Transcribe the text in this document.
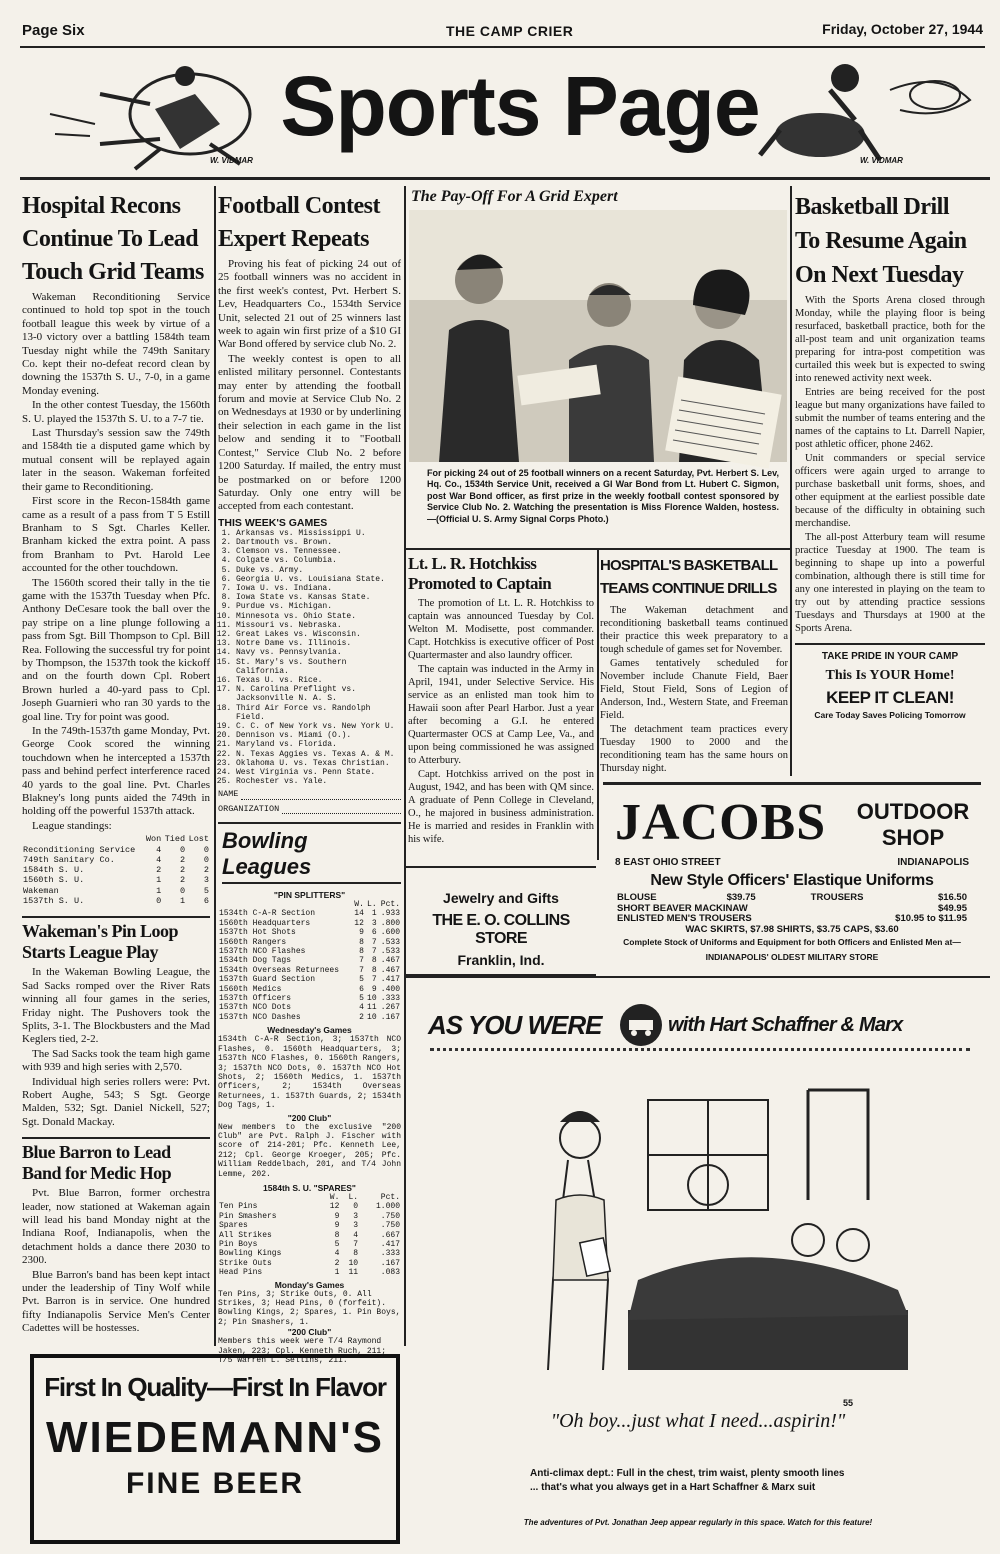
Page Six	THE CAMP CRIER	Friday, October 27, 1944
W. VIDMAR
Sports Page
W. VIDMAR
Hospital Recons
Continue To Lead
Touch Grid Teams

Wakeman Reconditioning Service continued to hold top spot in the touch football league this week by virtue of a 13-0 victory over a battling 1584th team Tuesday night while the 749th Sanitary Co. kept their no-defeat record clean by downing the 1537th S. U., 7-0, in a game Monday evening.

In the other contest Tuesday, the 1560th S. U. played the 1537th S. U. to a 7-7 tie.

Last Thursday's session saw the 749th and 1584th tie a disputed game which by mutual consent will be replayed again later in the season. Wakeman forfeited their game to Reconditioning.

First score in the Recon-1584th game came as a result of a pass from T 5 Estill Branham to S Sgt. Charles Keller. Branham kicked the extra point. A pass from Branham to Pvt. Harold Lee accounted for the other touchdown.

The 1560th scored their tally in the tie game with the 1537th Tuesday when Pfc. Anthony DeCesare took the ball over the pay stripe on a line plunge following a pass from Sgt. Bill Thompson to Cpl. Bill Rea. Following the successful try for point by Thompson, the 1537th took the kickoff and on the fourth down Cpl. Robert Brown hurled a 40-yard pass to Cpl. Joseph Guarnieri who ran 30 yards to the goal line. Try for point was good.

In the 749th-1537th game Monday, Pvt. George Cook scored the winning touchdown when he intercepted a 1537th pass and behind perfect interference raced 40 yards to the goal line. Pvt. Charles Blakney's long punts aided the 749th in holding off the powerful 1537th attack.

League standings:

	Won	Tied	Lost
Reconditioning Service	4	0	0
749th Sanitary Co.	4	2	0
1584th S. U.	2	2	2
1560th S. U.	1	2	3
Wakeman	1	0	5
1537th S. U.	0	1	6
Wakeman's Pin Loop
Starts League Play

In the Wakeman Bowling League, the Sad Sacks romped over the River Rats winning all four games in the series, Friday night. The Pushovers took the Splits, 3-1. The Blockbusters and the Mad Keglers tied, 2-2.

The Sad Sacks took the team high game with 939 and high series with 2,570.

Individual high series rollers were: Pvt. Robert Aughe, 543; S Sgt. George Malden, 532; Sgt. Daniel Nickell, 527; Sgt. Donald Mackay.

Blue Barron to Lead
Band for Medic Hop

Pvt. Blue Barron, former orchestra leader, now stationed at Wakeman again will lead his band Monday night at the Indiana Roof, Indianapolis, when the detachment holds a dance there 2030 to 2300.

Blue Barron's band has been kept intact under the leadership of Tiny Wolf while Pvt. Barron is in service. One hundred fifty Indianapolis Service Men's Center Cadettes will be hostesses.

Football Contest
Expert Repeats

Proving his feat of picking 24 out of 25 football winners was no accident in the first week's contest, Pvt. Herbert S. Lev, Headquarters Co., 1534th Service Unit, selected 21 out of 25 winners last week to again win first prize of a $10 GI War Bond offered by service club No. 2.

The weekly contest is open to all enlisted military personnel. Contestants may enter by attending the football forum and movie at Service Club No. 2 on Wednesdays at 1930 or by underlining their selection in each game in the list below and sending it to "Football Contest," Service Club No. 2 before 1200 Saturday. If mailed, the entry must be postmarked on or before 1200 Saturday. Only one entry will be accepted from each contestant.

THIS WEEK'S GAMES
1. Arkansas vs. Mississippi U.
2. Dartmouth vs. Brown.
3. Clemson vs. Tennessee.
4. Colgate vs. Columbia.
5. Duke vs. Army.
6. Georgia U. vs. Louisiana State.
7. Iowa U. vs. Indiana.
8. Iowa State vs. Kansas State.
9. Purdue vs. Michigan.
10. Minnesota vs. Ohio State.
11. Missouri vs. Nebraska.
12. Great Lakes vs. Wisconsin.
13. Notre Dame vs. Illinois.
14. Navy vs. Pennsylvania.
15. St. Mary's vs. Southern California.
16. Texas U. vs. Rice.
17. N. Carolina Preflight vs. Jacksonville N. A. S.
18. Third Air Force vs. Randolph Field.
19. C. C. of New York vs. New York U.
20. Dennison vs. Miami (O.).
21. Maryland vs. Florida.
22. N. Texas Aggies vs. Texas A. & M.
23. Oklahoma U. vs. Texas Christian.
24. West Virginia vs. Penn State.
25. Rochester vs. Yale.
NAME
ORGANIZATION
Bowling Leagues
"PIN SPLITTERS"
	W.	L.	Pct.
1534th C-A-R Section	14	1	.933
1560th Headquarters	12	3	.800
1537th Hot Shots	9	6	.600
1560th Rangers	8	7	.533
1537th NCO Flashes	8	7	.533
1534th Dog Tags	7	8	.467
1534th Overseas Returnees	7	8	.467
1537th Guard Section	5	7	.417
1560th Medics	6	9	.400
1537th Officers	5	10	.333
1537th NCO Dots	4	11	.267
1537th NCO Dashes	2	10	.167
Wednesday's Games
1534th C-A-R Section, 3; 1537th NCO Flashes, 0. 1560th Headquarters, 3; 1537th NCO Flashes, 0. 1560th Rangers, 3; 1537th NCO Dots, 0. 1537th NCO Hot Shots, 2; 1560th Medics, 1. 1537th Officers, 2; 1534th Overseas Returnees, 1. 1537th Guards, 2; 1534th Dog Tags, 1.
"200 Club"
New members to the exclusive "200 Club" are Pvt. Ralph J. Fischer with score of 214-201; Pfc. Kenneth Lee, 212; Cpl. George Kroeger, 205; Pfc. William Reddelbach, 201, and T/4 John Lemme, 202.
1584th S. U. "SPARES"
	W.	L.	Pct.
Ten Pins	12	0	1.000
Pin Smashers	9	3	.750
Spares	9	3	.750
All Strikes	8	4	.667
Pin Boys	5	7	.417
Bowling Kings	4	8	.333
Strike Outs	2	10	.167
Head Pins	1	11	.083
Monday's Games
Ten Pins, 3; Strike Outs, 0. All Strikes, 3; Head Pins, 0 (forfeit). Bowling Kings, 2; Spares, 1. Pin Boys, 2; Pin Smashers, 1.
"200 Club"
Members this week were T/4 Raymond Jaken, 223; Cpl. Kenneth Ruch, 211; T/5 Warren L. Sellins, 211.
The Pay-Off For A Grid Expert
For picking 24 out of 25 football winners on a recent Saturday, Pvt. Herbert S. Lev, Hq. Co., 1534th Service Unit, received a GI War Bond from Lt. Hubert C. Sigmon, post War Bond officer, as first prize in the weekly football contest sponsored by Service Club No. 2. Watching the presentation is Miss Florence Walden, hostess.—(Official U. S. Army Signal Corps Photo.)
Lt. L. R. Hotchkiss
Promoted to Captain

The promotion of Lt. L. R. Hotchkiss to captain was announced Tuesday by Col. Welton M. Modisette, post commander. Capt. Hotchkiss is executive officer of Post Quartermaster and also laundry officer.

The captain was inducted in the Army in April, 1941, under Selective Service. His service as an enlisted man took him to Hawaii soon after Pearl Harbor. Just a year after becoming a G.I. he entered Quartermaster OCS at Camp Lee, Va., and upon being commissioned he was assigned to Atterbury.

Capt. Hotchkiss arrived on the post in August, 1942, and has been with QM since. A graduate of Penn College in Cleveland, O., he majored in business administration. He is married and resides in Franklin with his wife.

Jewelry and Gifts
THE E. O. COLLINS STORE
Franklin, Ind.
HOSPITAL'S BASKETBALL
TEAMS CONTINUE DRILLS

The Wakeman detachment and reconditioning basketball teams continued their practice this week preparatory to a tough schedule of games set for November.

Games tentatively scheduled for November include Chanute Field, Baer Field, Stout Field, Sons of Legion of Anderson, Ind., Western State, and Freeman Field.

The detachment team practices every Tuesday 1900 to 2000 and the reconditioning team has the same hours on Thursday night.

Basketball Drill
To Resume Again
On Next Tuesday

With the Sports Arena closed through Monday, while the playing floor is being resurfaced, basketball practice, both for the all-post team and unit organization teams preparing for intra-post competition was curtailed this week but is expected to swing into renewed activity next week.

Entries are being received for the post league but many organizations have failed to submit the number of teams entering and the names of the captains to Lt. Darrell Napier, post athletic officer, phone 2462.

Unit commanders or special service officers were again urged to arrange to purchase basketball unit forms, shoes, and other equipment at the earliest possible date because of the difficulty in obtaining such merchandise.

The all-post Atterbury team will resume practice Tuesday at 1900. The team is beginning to shape up into a powerful combination, although there is still time for any one interested in playing on the team to try out by attending practice sessions Tuesdays and Thursdays at 1900 at the Sports Arena.

TAKE PRIDE IN YOUR CAMP
This Is YOUR Home!
KEEP IT CLEAN!
Care Today Saves Policing Tomorrow
JACOBS	OUTDOOR
SHOP
8 EAST OHIO STREET	INDIANAPOLIS
New Style Officers' Elastique Uniforms
BLOUSE	$39.75	TROUSERS	$16.50
SHORT BEAVER MACKINAW	$49.95
ENLISTED MEN'S TROUSERS	$10.95 to $11.95
WAC SKIRTS, $7.98 SHIRTS, $3.75 CAPS, $3.60
Complete Stock of Uniforms and Equipment for both Officers and Enlisted Men at—
INDIANAPOLIS' OLDEST MILITARY STORE
AS YOU WERE	with Hart Schaffner & Marx
55
"Oh boy...just what I need...aspirin!"
Anti-climax dept.: Full in the chest, trim waist, plenty smooth lines
... that's what you always get in a Hart Schaffner & Marx suit
The adventures of Pvt. Jonathan Jeep appear regularly in this space. Watch for this feature!
First In Quality—First In Flavor
WIEDEMANN'S
FINE BEER
